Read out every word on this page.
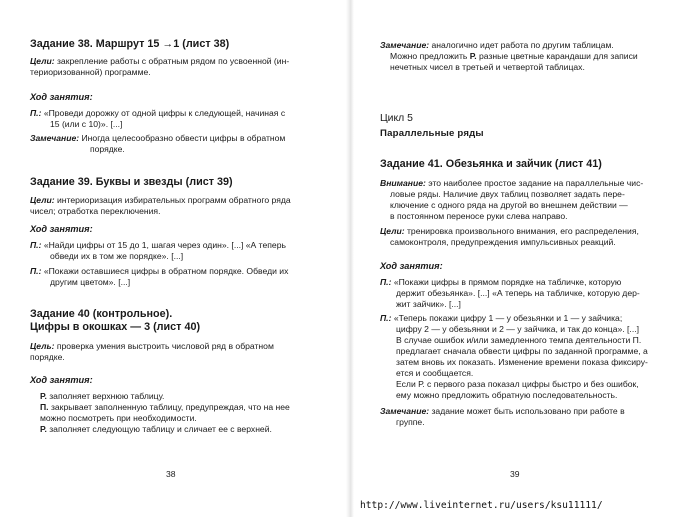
Задание 38. Маршрут 15 →1 (лист 38)
Цели: закрепление работы с обратным рядом по усвоенной (ин-
териоризованной) программе.
Ход занятия:
П.: «Проведи дорожку от одной цифры к следующей, начиная с
15 (или с 10)». [...]
Замечание: Иногда целесообразно обвести цифры в обратном
порядке.
Задание 39. Буквы и звезды (лист 39)
Цели: интериоризация избирательных программ обратного ряда
чисел; отработка переключения.
Ход занятия:
П.: «Найди цифры от 15 до 1, шагая через один». [...] «А теперь
обведи их в том же порядке». [...]
П.: «Покажи оставшиеся цифры в обратном порядке. Обведи их
другим цветом». [...]
Задание 40 (контрольное).
Цифры в окошках — 3 (лист 40)
Цель: проверка умения выстроить числовой ряд в обратном
порядке.
Ход занятия:
Р. заполняет верхнюю таблицу.
П. закрывает заполненную таблицу, предупреждая, что на нее
можно посмотреть при необходимости.
Р. заполняет следующую таблицу и сличает ее с верхней.
38
Замечание: аналогично идет работа по другим таблицам.
Можно предложить Р. разные цветные карандаши для записи
нечетных чисел в третьей и четвертой таблицах.
Цикл 5
Параллельные ряды
Задание 41. Обезьянка и зайчик (лист 41)
Внимание: это наиболее простое задание на параллельные чис-
ловые ряды. Наличие двух таблиц позволяет задать пере-
ключение с одного ряда на другой во внешнем действии —
в постоянном переносе руки слева направо.
Цели: тренировка произвольного внимания, его распределения,
самоконтроля, предупреждения импульсивных реакций.
Ход занятия:
П.: «Покажи цифры в прямом порядке на табличке, которую
держит обезьянка». [...] «А теперь на табличке, которую дер-
жит зайчик». [...]
П.: «Теперь покажи цифру 1 — у обезьянки и 1 — у зайчика;
цифру 2 — у обезьянки и 2 — у зайчика, и так до конца». [...]
В случае ошибок и/или замедленного темпа деятельности П.
предлагает сначала обвести цифры по заданной программе, а
затем вновь их показать. Изменение времени показа фиксиру-
ется и сообщается.
Если Р. с первого раза показал цифры быстро и без ошибок,
ему можно предложить обратную последовательность.
Замечание: задание может быть использовано при работе в
группе.
39
http://www.liveinternet.ru/users/ksu11111/
